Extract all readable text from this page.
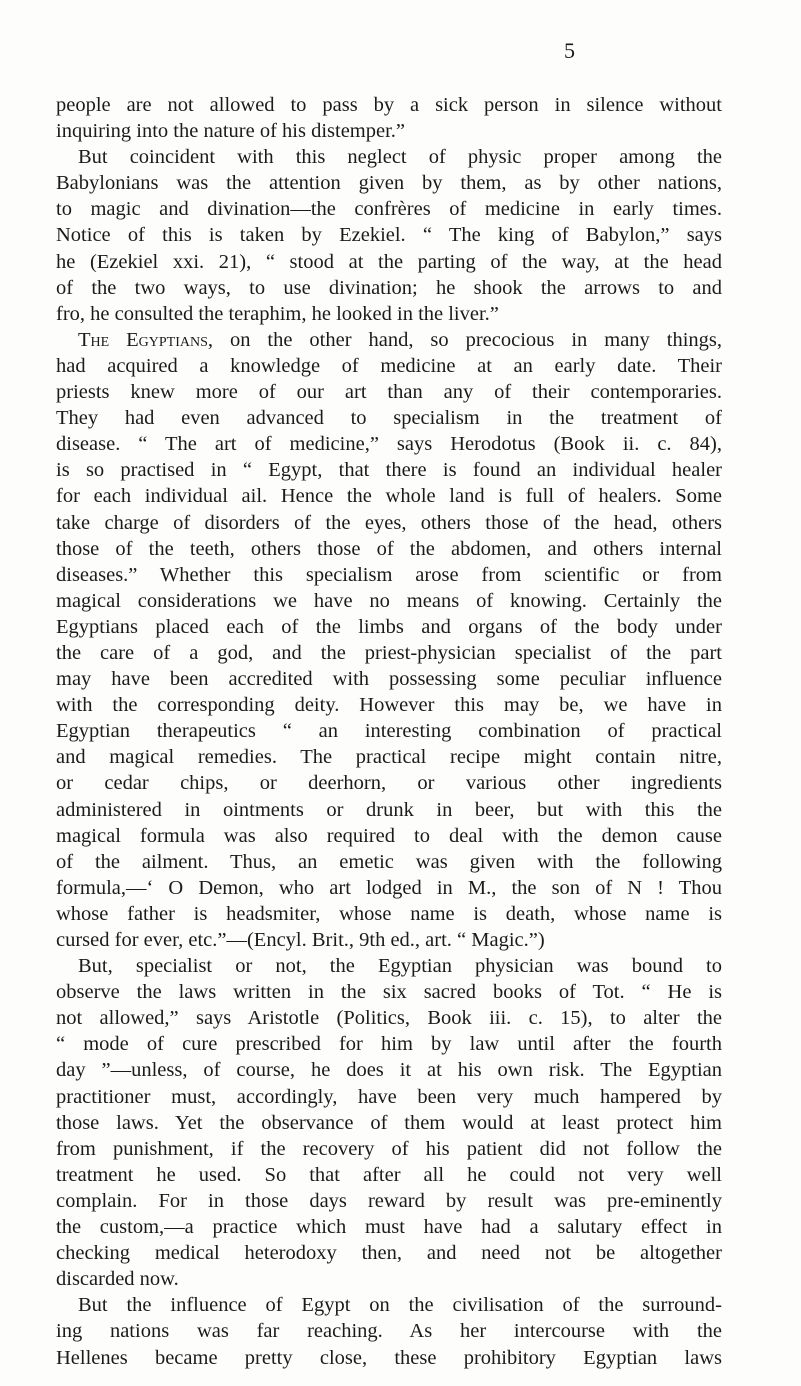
5
people are not allowed to pass by a sick person in silence without
inquiring into the nature of his distemper.”
But coincident with this neglect of physic proper among the
Babylonians was the attention given by them, as by other nations,
to magic and divination—the confrères of medicine in early times.
Notice of this is taken by Ezekiel. “ The king of Babylon,” says
he (Ezekiel xxi. 21), “ stood at the parting of the way, at the head
of the two ways, to use divination; he shook the arrows to and
fro, he consulted the teraphim, he looked in the liver.”
The Egyptians, on the other hand, so precocious in many things,
had acquired a knowledge of medicine at an early date. Their
priests knew more of our art than any of their contemporaries.
They had even advanced to specialism in the treatment of
disease. “ The art of medicine,” says Herodotus (Book ii. c. 84),
is so practised in “ Egypt, that there is found an individual healer
for each individual ail. Hence the whole land is full of healers. Some
take charge of disorders of the eyes, others those of the head, others
those of the teeth, others those of the abdomen, and others internal
diseases.” Whether this specialism arose from scientific or from
magical considerations we have no means of knowing. Certainly the
Egyptians placed each of the limbs and organs of the body under
the care of a god, and the priest-physician specialist of the part
may have been accredited with possessing some peculiar influence
with the corresponding deity. However this may be, we have in
Egyptian therapeutics “ an interesting combination of practical
and magical remedies. The practical recipe might contain nitre,
or cedar chips, or deerhorn, or various other ingredients
administered in ointments or drunk in beer, but with this the
magical formula was also required to deal with the demon cause
of the ailment. Thus, an emetic was given with the following
formula,—‘ O Demon, who art lodged in M., the son of N ! Thou
whose father is headsmiter, whose name is death, whose name is
cursed for ever, etc.”—(Encyl. Brit., 9th ed., art. “ Magic.”)
But, specialist or not, the Egyptian physician was bound to
observe the laws written in the six sacred books of Tot. “ He is
not allowed,” says Aristotle (Politics, Book iii. c. 15), to alter the
“ mode of cure prescribed for him by law until after the fourth
day ”—unless, of course, he does it at his own risk. The Egyptian
practitioner must, accordingly, have been very much hampered by
those laws. Yet the observance of them would at least protect him
from punishment, if the recovery of his patient did not follow the
treatment he used. So that after all he could not very well
complain. For in those days reward by result was pre-eminently
the custom,—a practice which must have had a salutary effect in
checking medical heterodoxy then, and need not be altogether
discarded now.
But the influence of Egypt on the civilisation of the surround-
ing nations was far reaching. As her intercourse with the
Hellenes became pretty close, these prohibitory Egyptian laws
